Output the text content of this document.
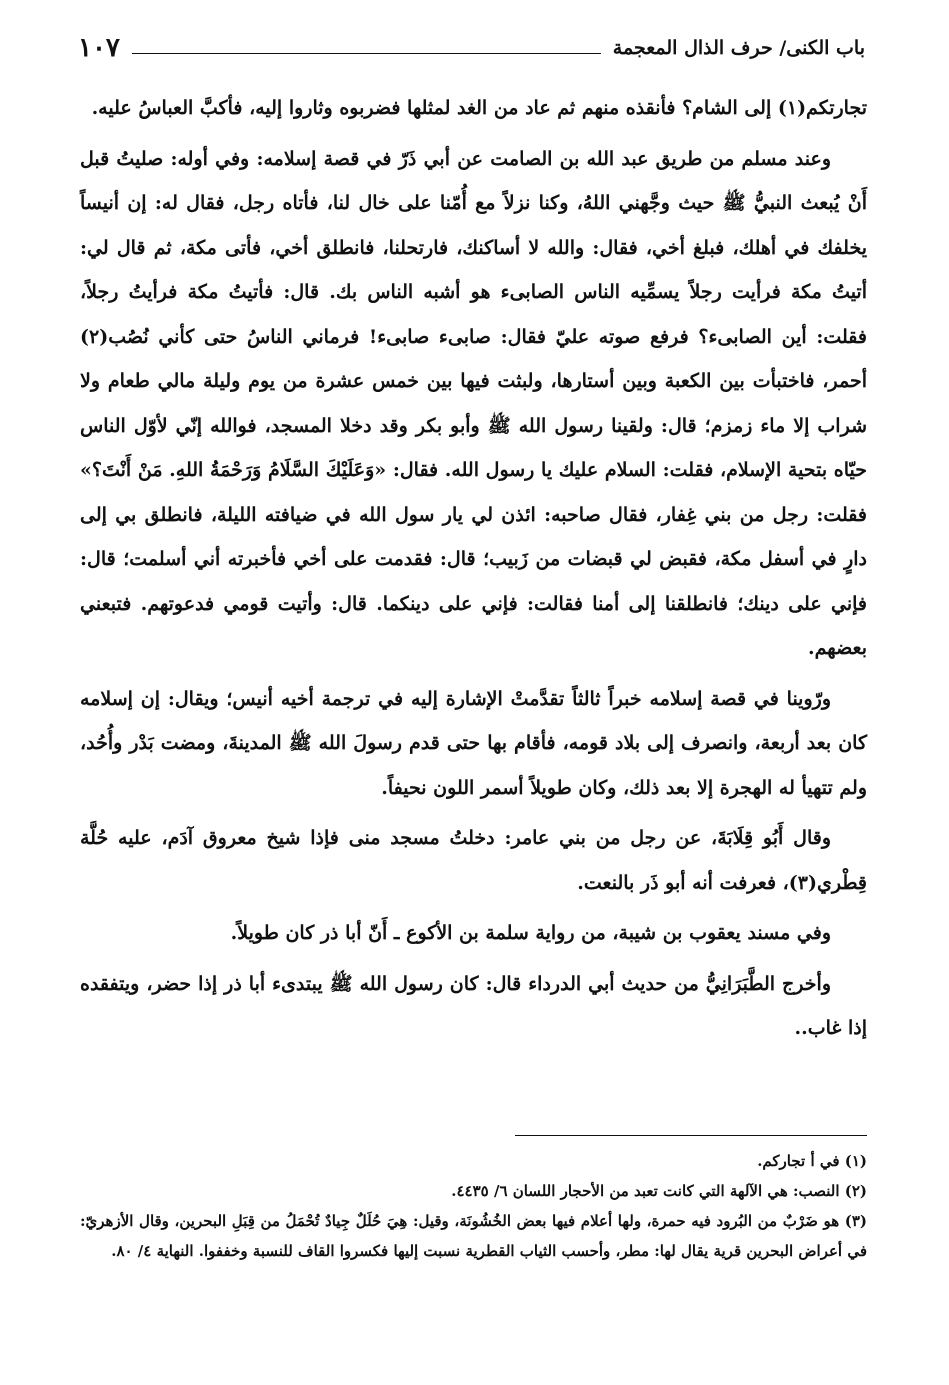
باب الكنى/ حرف الذال المعجمة
١٠٧

تجارتكم(١) إلى الشام؟ فأنقذه منهم ثم عاد من الغد لمثلها فضربوه وثاروا إليه، فأكبَّ العباسُ عليه.

وعند مسلم من طريق عبد الله بن الصامت عن أبي ذَرّ في قصة إسلامه: وفي أوله: صليتُ قبل أَنْ يُبعث النبيُّ ﷺ حيث وجَّهني اللهُ، وكنا نزلاً مع أُمّنا على خال لنا، فأتاه رجل، فقال له: إن أنيساً يخلفك في أهلك، فبلغ أخي، فقال: والله لا أساكنك، فارتحلنا، فانطلق أخي، فأتى مكة، ثم قال لي: أتيتُ مكة فرأيت رجلاً يسمِّيه الناس الصابىء هو أشبه الناس بك. قال: فأتيتُ مكة فرأيتُ رجلاً، فقلت: أين الصابىء؟ فرفع صوته عليّ فقال: صابىء صابىء! فرماني الناسُ حتى كأني نُصُب(٢) أحمر، فاختبأت بين الكعبة وبين أستارها، ولبثت فيها بين خمس عشرة من يوم وليلة مالي طعام ولا شراب إلا ماء زمزم؛ قال: ولقينا رسول الله ﷺ وأبو بكر وقد دخلا المسجد، فوالله إنّي لأوّل الناس حيّاه بتحية الإسلام، فقلت: السلام عليك يا رسول الله. فقال: «وَعَلَيْكَ السَّلَامُ وَرَحْمَةُ اللهِ. مَنْ أَنْتَ؟» فقلت: رجل من بني غِفار، فقال صاحبه: ائذن لي يار سول الله في ضيافته الليلة، فانطلق بي إلى دارٍ في أسفل مكة، فقبض لي قبضات من زَبيب؛ قال: فقدمت على أخي فأخبرته أني أسلمت؛ قال: فإني على دينك؛ فانطلقنا إلى أمنا فقالت: فإني على دينكما. قال: وأتيت قومي فدعوتهم. فتبعني بعضهم.

ورّوينا في قصة إسلامه خبراً ثالثاً تقدَّمتْ الإشارة إليه في ترجمة أخيه أنيس؛ ويقال: إن إسلامه كان بعد أربعة، وانصرف إلى بلاد قومه، فأقام بها حتى قدم رسولَ الله ﷺ المدينةَ، ومضت بَدْر وأُحُد، ولم تتهيأ له الهجرة إلا بعد ذلك، وكان طويلاً أسمر اللون نحيفاً.

وقال أَبُو قِلَابَةَ، عن رجل من بني عامر: دخلتُ مسجد منى فإذا شيخ معروق آدَم، عليه حُلَّة قِطْري(٣)، فعرفت أنه أبو ذَر بالنعت.

وفي مسند يعقوب بن شيبة، من رواية سلمة بن الأكوع ـ أَنّ أبا ذر كان طويلاً.

وأخرج الطَّبَرَانِيُّ من حديث أبي الدرداء قال: كان رسول الله ﷺ يبتدىء أبا ذر إذا حضر، ويتفقده إذا غاب..

(١) في أ تجاركم.

(٢) النصب: هي الآلهة التي كانت تعبد من الأحجار اللسان ٦/ ٤٤٣٥.

(٣) هو ضَرْبٌ من البُرود فيه حمرة، ولها أعلام فيها بعض الخُشُونَة، وقيل: هِيَ حُلَلٌ جِيادٌ تُحْمَلُ من قِبَلِ البحرين، وقال الأزهريّ: في أعراض البحرين قرية يقال لها: مطر، وأحسب الثياب القطرية نسبت إليها فكسروا القاف للنسبة وخففوا. النهاية ٤/ ٨٠.
